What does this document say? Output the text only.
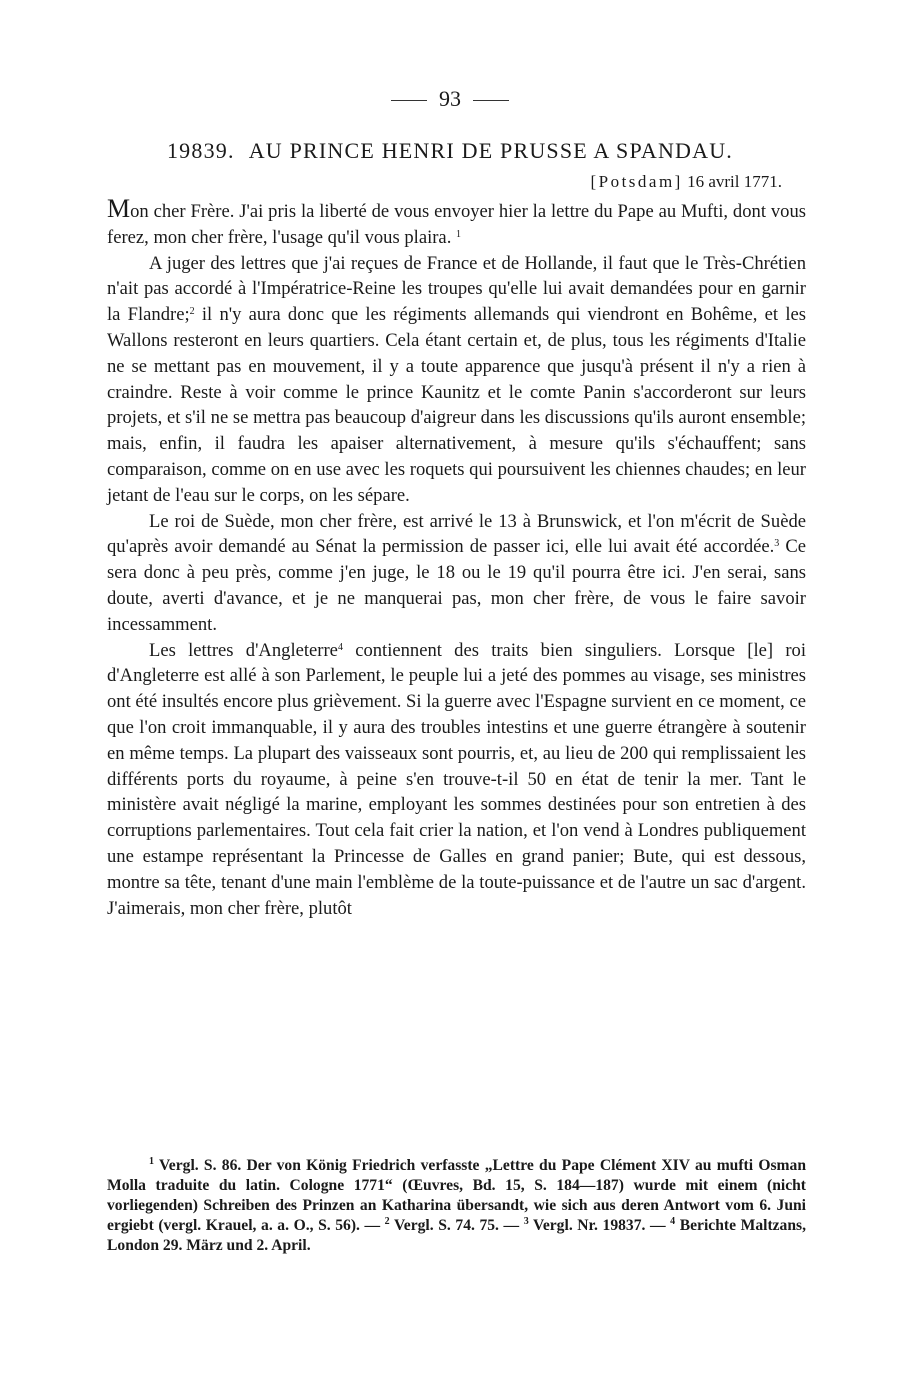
93
19839. AU PRINCE HENRI DE PRUSSE A SPANDAU.
[Potsdam] 16 avril 1771.

Mon cher Frère. J'ai pris la liberté de vous envoyer hier la lettre du Pape au Mufti, dont vous ferez, mon cher frère, l'usage qu'il vous plaira. $^1$

A juger des lettres que j'ai reçues de France et de Hollande, il faut que le Très-Chrétien n'ait pas accordé à l'Impératrice-Reine les troupes qu'elle lui avait demandées pour en garnir la Flandre;$^2$ il n'y aura donc que les régiments allemands qui viendront en Bohême, et les Wallons resteront en leurs quartiers. Cela étant certain et, de plus, tous les régiments d'Italie ne se mettant pas en mouvement, il y a toute apparence que jusqu'à présent il n'y a rien à craindre. Reste à voir comme le prince Kaunitz et le comte Panin s'accorderont sur leurs projets, et s'il ne se mettra pas beaucoup d'aigreur dans les discussions qu'ils auront ensemble; mais, enfin, il faudra les apaiser alternativement, à mesure qu'ils s'échauffent; sans comparaison, comme on en use avec les roquets qui poursuivent les chiennes chaudes; en leur jetant de l'eau sur le corps, on les sépare.

Le roi de Suède, mon cher frère, est arrivé le 13 à Brunswick, et l'on m'écrit de Suède qu'après avoir demandé au Sénat la permission de passer ici, elle lui avait été accordée.$^3$ Ce sera donc à peu près, comme j'en juge, le 18 ou le 19 qu'il pourra être ici. J'en serai, sans doute, averti d'avance, et je ne manquerai pas, mon cher frère, de vous le faire savoir incessamment.

Les lettres d'Angleterre$^4$ contiennent des traits bien singuliers. Lorsque [le] roi d'Angleterre est allé à son Parlement, le peuple lui a jeté des pommes au visage, ses ministres ont été insultés encore plus grièvement. Si la guerre avec l'Espagne survient en ce moment, ce que l'on croit immanquable, il y aura des troubles intestins et une guerre étrangère à soutenir en même temps. La plupart des vaisseaux sont pourris, et, au lieu de 200 qui remplissaient les différents ports du royaume, à peine s'en trouve-t-il 50 en état de tenir la mer. Tant le ministère avait négligé la marine, employant les sommes destinées pour son entretien à des corruptions parlementaires. Tout cela fait crier la nation, et l'on vend à Londres publiquement une estampe représentant la Princesse de Galles en grand panier; Bute, qui est dessous, montre sa tête, tenant d'une main l'emblème de la toute-puissance et de l'autre un sac d'argent. J'aimerais, mon cher frère, plutôt

$^1$ Vergl. S. 86. Der von König Friedrich verfasste „Lettre du Pape Clément XIV au mufti Osman Molla traduite du latin. Cologne 1771“ (Œuvres, Bd. 15, S. 184—187) wurde mit einem (nicht vorliegenden) Schreiben des Prinzen an Katharina übersandt, wie sich aus deren Antwort vom 6. Juni ergiebt (vergl. Krauel, a. a. O., S. 56). — $^2$ Vergl. S. 74. 75. — $^3$ Vergl. Nr. 19837. — $^4$ Berichte Maltzans, London 29. März und 2. April.
